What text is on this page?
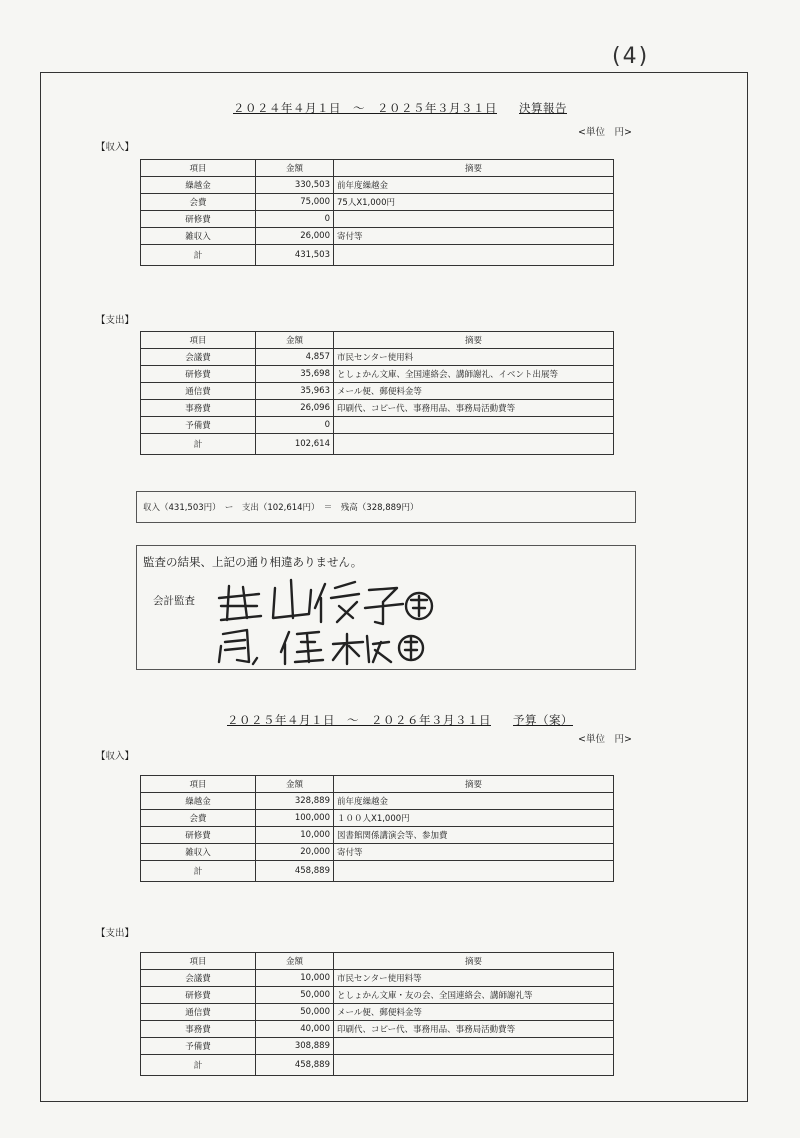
(4)
２０２４年４月１日　～　２０２５年３月３１日 決算報告
<単位　円>
【収入】
項目	金額	摘要
繰越金	330,503	前年度繰越金
会費	75,000	75人X1,000円
研修費	0	
雑収入	26,000	寄付等
計	431,503	
【支出】
項目	金額	摘要
会議費	4,857	市民センター使用料
研修費	35,698	としょかん文庫、全国連絡会、講師謝礼、イベント出展等
通信費	35,963	メール便、郵便料金等
事務費	26,096	印刷代、コピー代、事務用品、事務局活動費等
予備費	0	
計	102,614	
収入（431,503円）　ー　支出（102,614円）　＝　残高（328,889円）
監査の結果、上記の通り相違ありません。
会計監査
２０２５年４月１日　～　２０２６年３月３１日 予算（案）
<単位　円>
【収入】
項目	金額	摘要
繰越金	328,889	前年度繰越金
会費	100,000	１００人X1,000円
研修費	10,000	図書館関係講演会等、参加費
雑収入	20,000	寄付等
計	458,889	
【支出】
項目	金額	摘要
会議費	10,000	市民センター使用料等
研修費	50,000	としょかん文庫・友の会、全国連絡会、講師謝礼等
通信費	50,000	メール便、郵便料金等
事務費	40,000	印刷代、コピー代、事務用品、事務局活動費等
予備費	308,889	
計	458,889	
